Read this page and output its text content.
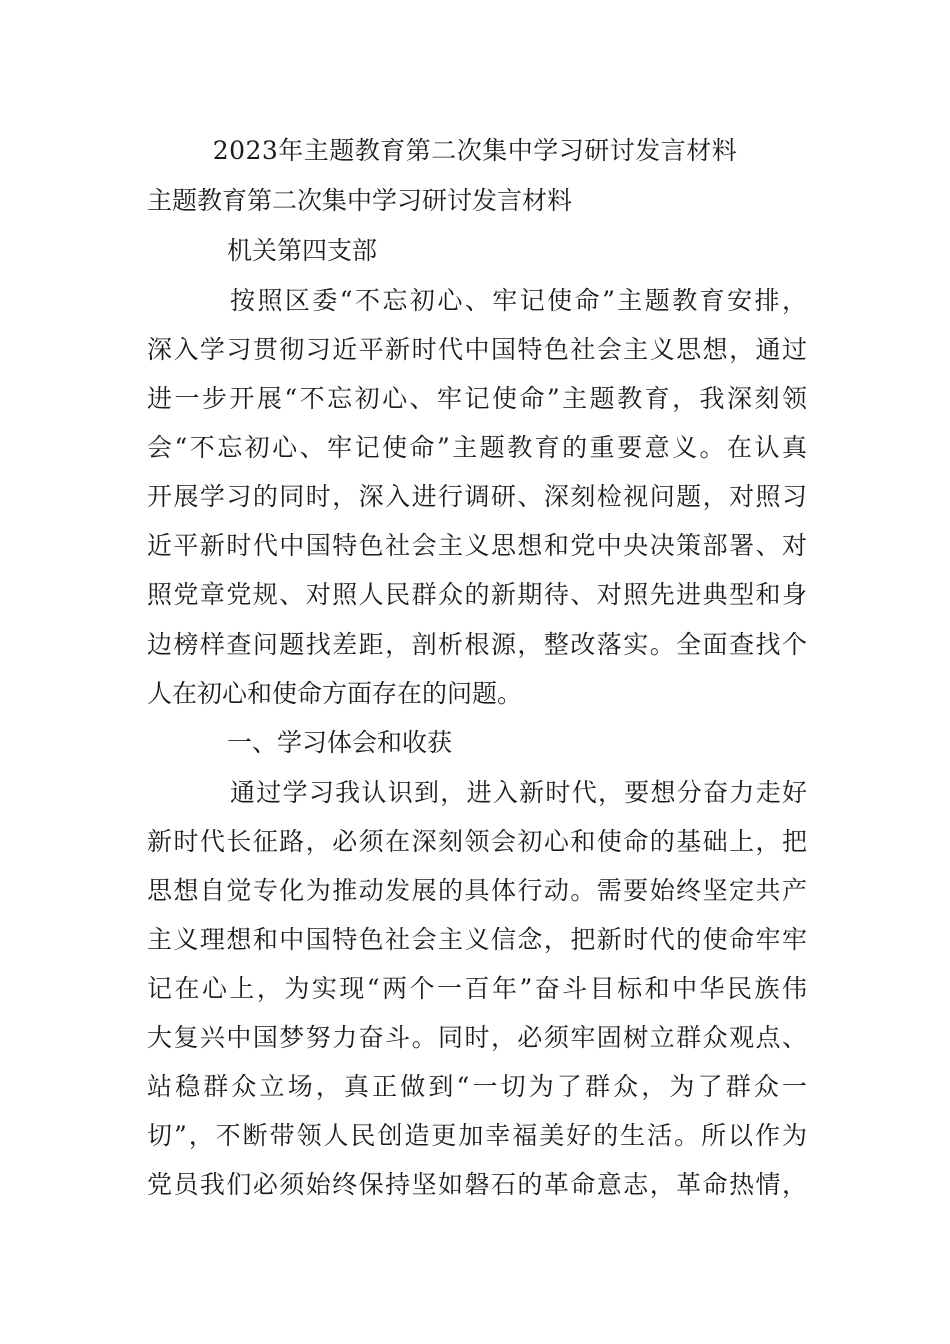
2023年主题教育第二次集中学习研讨发言材料
主题教育第二次集中学习研讨发言材料
机关第四支部
按照区委“不忘初心、牢记使命”主题教育安排，
深入学习贯彻习近平新时代中国特色社会主义思想，通过
进一步开展“不忘初心、牢记使命”主题教育，我深刻领
会“不忘初心、牢记使命”主题教育的重要意义。在认真
开展学习的同时，深入进行调研、深刻检视问题，对照习
近平新时代中国特色社会主义思想和党中央决策部署、对
照党章党规、对照人民群众的新期待、对照先进典型和身
边榜样查问题找差距，剖析根源，整改落实。全面查找个
人在初心和使命方面存在的问题。
一、学习体会和收获
通过学习我认识到，进入新时代，要想分奋力走好
新时代长征路，必须在深刻领会初心和使命的基础上，把
思想自觉专化为推动发展的具体行动。需要始终坚定共产
主义理想和中国特色社会主义信念，把新时代的使命牢牢
记在心上，为实现“两个一百年”奋斗目标和中华民族伟
大复兴中国梦努力奋斗。同时，必须牢固树立群众观点、
站稳群众立场，真正做到“一切为了群众，为了群众一
切”，不断带领人民创造更加幸福美好的生活。所以作为
党员我们必须始终保持坚如磐石的革命意志，革命热情，
